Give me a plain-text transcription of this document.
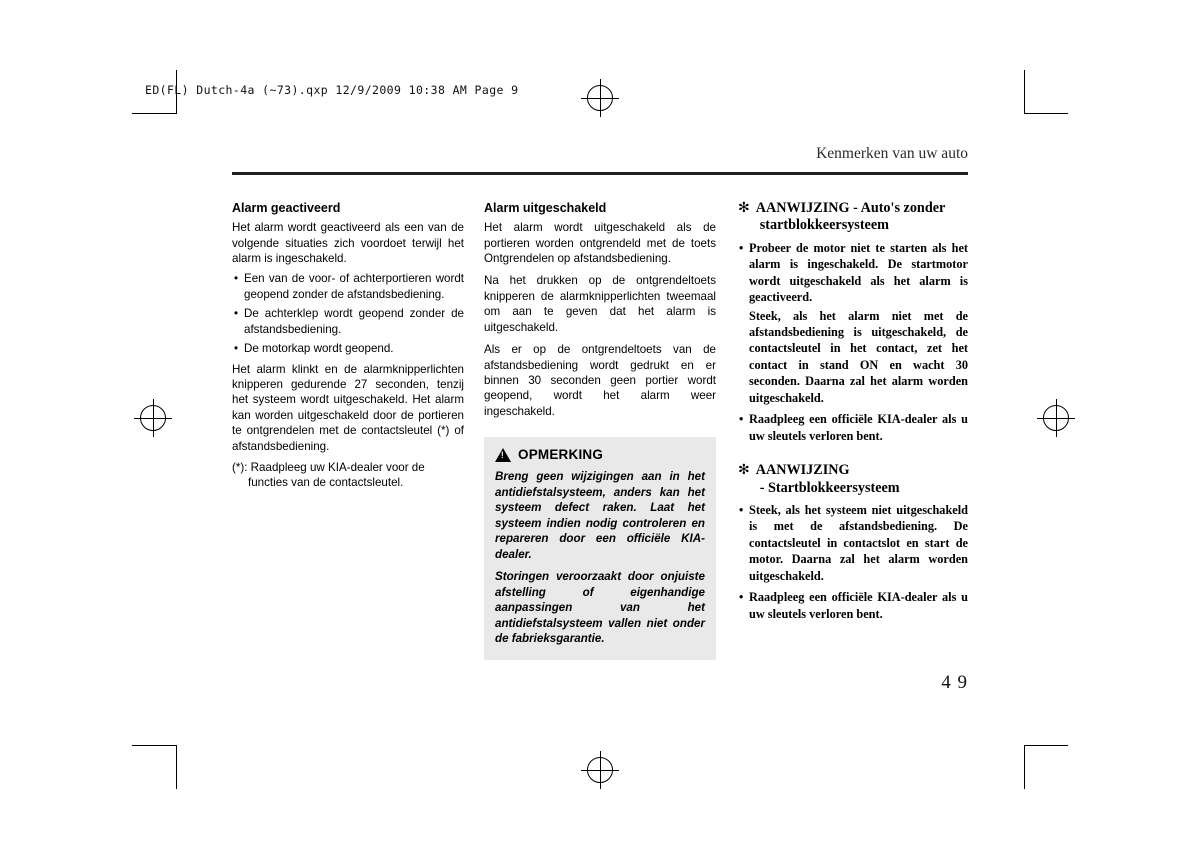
ED(FL) Dutch-4a (~73).qxp 12/9/2009 10:38 AM Page 9
Kenmerken van uw auto
4 9
Alarm geactiveerd

Het alarm wordt geactiveerd als een van de volgende situaties zich voordoet terwijl het alarm is ingeschakeld.

• Een van de voor- of achterportieren wordt geopend zonder de afstandsbediening.
• De achterklep wordt geopend zonder de afstandsbediening.
• De motorkap wordt geopend.

Het alarm klinkt en de alarmknipperlichten knipperen gedurende 27 seconden, tenzij het systeem wordt uitgeschakeld. Het alarm kan worden uitgeschakeld door de portieren te ontgrendelen met de contactsleutel (*) of afstandsbediening.

(*): Raadpleeg uw KIA-dealer voor de functies van de contactsleutel.

Alarm uitgeschakeld

Het alarm wordt uitgeschakeld als de portieren worden ontgrendeld met de toets Ontgrendelen op afstandsbediening.

Na het drukken op de ontgrendeltoets knipperen de alarmknipperlichten tweemaal om aan te geven dat het alarm is uitgeschakeld.

Als er op de ontgrendeltoets van de afstandsbediening wordt gedrukt en er binnen 30 seconden geen portier wordt geopend, wordt het alarm weer ingeschakeld.

!
OPMERKING

Breng geen wijzigingen aan in het antidiefstalsysteem, anders kan het systeem defect raken. Laat het systeem indien nodig controleren en repareren door een officiële KIA-dealer.

Storingen veroorzaakt door onjuiste afstelling of eigenhandige aanpassingen van het antidiefstalsysteem vallen niet onder de fabrieksgarantie.

✻ AANWIJZING - Auto's zonder
startblokkeersysteem

• Probeer de motor niet te starten als het alarm is ingeschakeld. De startmotor wordt uitgeschakeld als het alarm is geactiveerd.

Steek, als het alarm niet met de afstandsbediening is uitgeschakeld, de contactsleutel in het contact, zet het contact in stand ON en wacht 30 seconden. Daarna zal het alarm worden uitgeschakeld.

• Raadpleeg een officiële KIA-dealer als u uw sleutels verloren bent.

✻ AANWIJZING
- Startblokkeersysteem

• Steek, als het systeem niet uitgeschakeld is met de afstandsbediening. De contactsleutel in contactslot en start de motor. Daarna zal het alarm worden uitgeschakeld.

• Raadpleeg een officiële KIA-dealer als u uw sleutels verloren bent.
